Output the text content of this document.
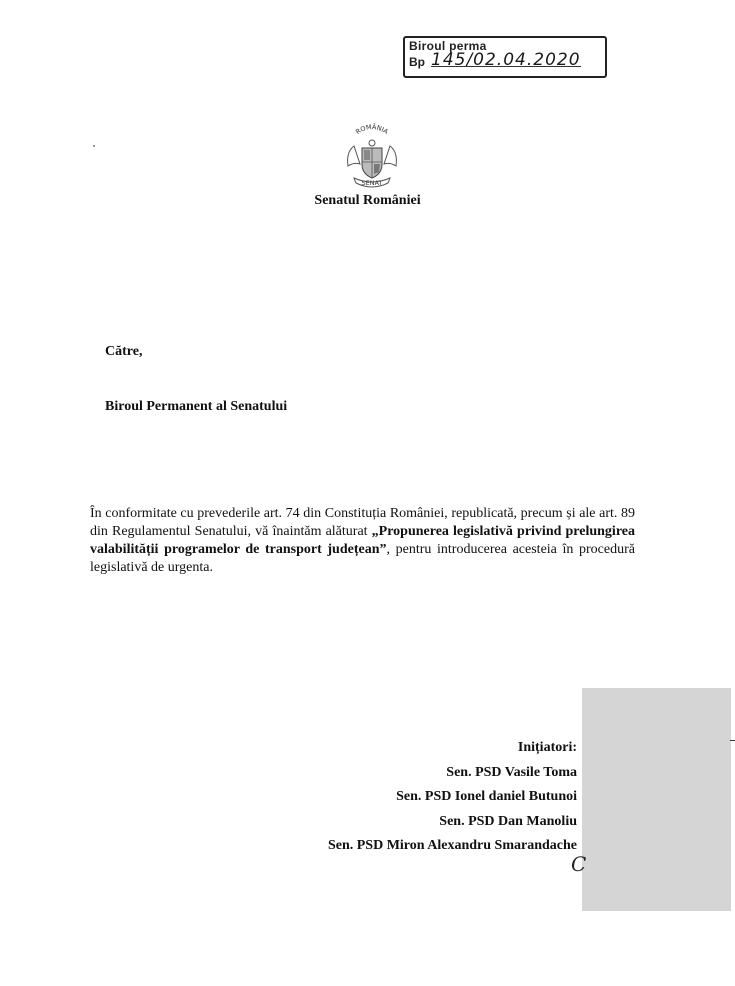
Biroul perma
Bp 145/02.04.2020
ROMÂNIA
SENAT
Senatul României
Către,
Biroul Permanent al Senatului
În conformitate cu prevederile art. 74 din Constituția României, republicată, precum și ale art. 89 din Regulamentul Senatului, vă înaintăm alăturat „Propunerea legislativă privind prelungirea valabilității programelor de transport județean”, pentru introducerea acesteia în procedură legislativă de urgenta.
Inițiatori:
Sen. PSD Vasile Toma
Sen. PSD Ionel daniel Butunoi
Sen. PSD Dan Manoliu
Sen. PSD Miron Alexandru Smarandache
C
